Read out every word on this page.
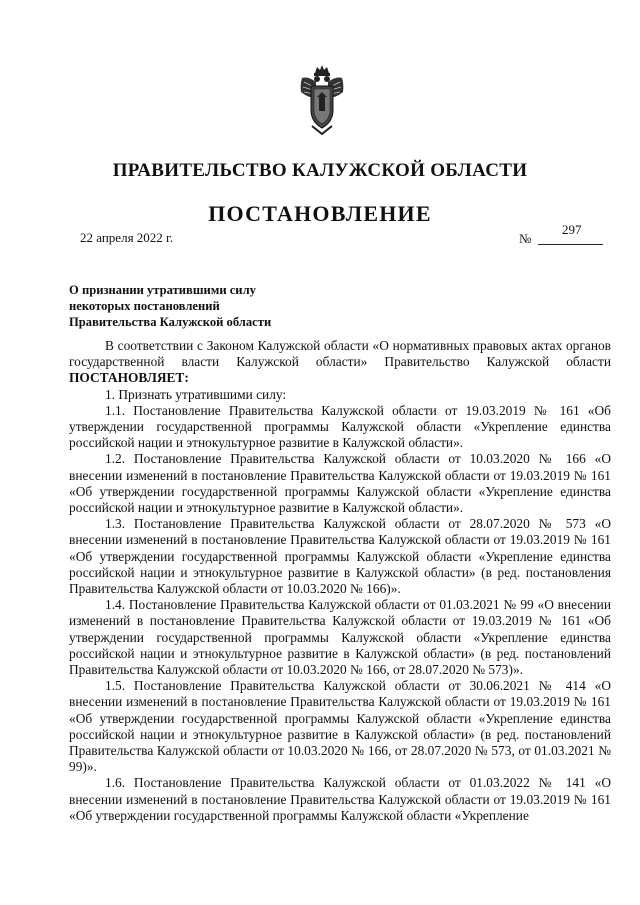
ПРАВИТЕЛЬСТВО КАЛУЖСКОЙ ОБЛАСТИ
ПОСТАНОВЛЕНИЕ
22 апреля 2022 г.	№
297
О признании утратившими силу
некоторых постановлений
Правительства Калужской области

В соответствии с Законом Калужской области «О нормативных правовых актах органов государственной власти Калужской области» Правительство Калужской области ПОСТАНОВЛЯЕТ:

1. Признать утратившими силу:

1.1. Постановление Правительства Калужской области от 19.03.2019 № 161 «Об утверждении государственной программы Калужской области «Укрепление единства российской нации и этнокультурное развитие в Калужской области».

1.2. Постановление Правительства Калужской области от 10.03.2020 № 166 «О внесении изменений в постановление Правительства Калужской области от 19.03.2019 № 161 «Об утверждении государственной программы Калужской области «Укрепление единства российской нации и этнокультурное развитие в Калужской области».

1.3. Постановление Правительства Калужской области от 28.07.2020 № 573 «О внесении изменений в постановление Правительства Калужской области от 19.03.2019 № 161 «Об утверждении государственной программы Калужской области «Укрепление единства российской нации и этнокультурное развитие в Калужской области» (в ред. постановления Правительства Калужской области от 10.03.2020 № 166)».

1.4. Постановление Правительства Калужской области от 01.03.2021 № 99 «О внесении изменений в постановление Правительства Калужской области от 19.03.2019 № 161 «Об утверждении государственной программы Калужской области «Укрепление единства российской нации и этнокультурное развитие в Калужской области» (в ред. постановлений Правительства Калужской области от 10.03.2020 № 166, от 28.07.2020 № 573)».

1.5. Постановление Правительства Калужской области от 30.06.2021 № 414 «О внесении изменений в постановление Правительства Калужской области от 19.03.2019 № 161 «Об утверждении государственной программы Калужской области «Укрепление единства российской нации и этнокультурное развитие в Калужской области» (в ред. постановлений Правительства Калужской области от 10.03.2020 № 166, от 28.07.2020 № 573, от 01.03.2021 № 99)».

1.6. Постановление Правительства Калужской области от 01.03.2022 № 141 «О внесении изменений в постановление Правительства Калужской области от 19.03.2019 № 161 «Об утверждении государственной программы Калужской области «Укрепление
